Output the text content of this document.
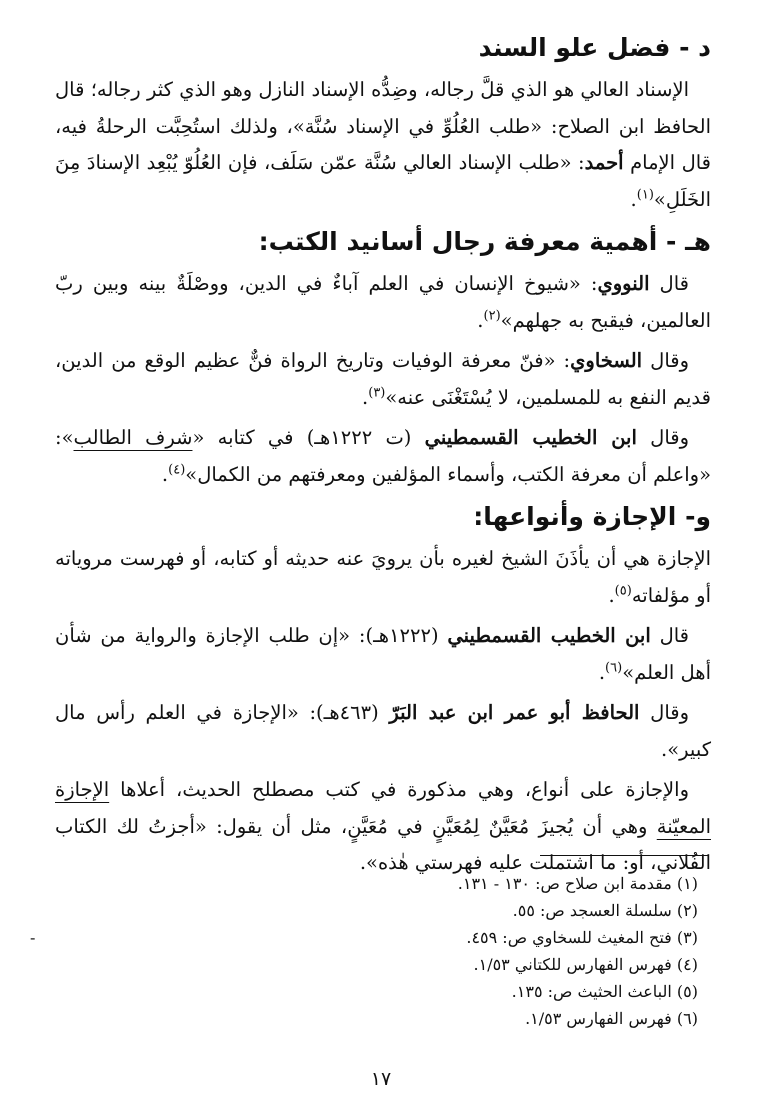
د - فضل علو السند

الإسناد العالي هو الذي قلَّ رجاله، وضِدُّه الإسناد النازل وهو الذي كثر رجاله؛ قال الحافظ ابن الصلاح: «طلب العُلُوِّ في الإسناد سُنَّة»، ولذلك استُحِبَّت الرحلةُ فيه، قال الإمام أحمد: «طلب الإسناد العالي سُنَّة عمّن سَلَف، فإن العُلُوّ يُبْعِد الإسنادَ مِنَ الخَلَلِ»$^{(١)}$.

هـ - أهمية معرفة رجال أسانيد الكتب:

قال النووي: «شيوخ الإنسان في العلم آباءٌ في الدين، ووصْلَةٌ بينه وبين ربّ العالمين، فيقبح به جهلهم»$^{(٢)}$.

وقال السخاوي: «فنّ معرفة الوفيات وتاريخ الرواة فنٌّ عظيم الوقع من الدين، قديم النفع به للمسلمين، لا يُسْتَغْنَى عنه»$^{(٣)}$.

وقال ابن الخطيب القسمطيني (ت ١٢٢٢هـ) في كتابه «شرف الطالب»: «واعلم أن معرفة الكتب، وأسماء المؤلفين ومعرفتهم من الكمال»$^{(٤)}$.

و- الإجازة وأنواعها:

الإجازة هي أن يأذَنَ الشيخ لغيره بأن يرويَ عنه حديثه أو كتابه، أو فهرست مروياته أو مؤلفاته$^{(٥)}$.

قال ابن الخطيب القسمطيني (١٢٢٢هـ): «إن طلب الإجازة والرواية من شأن أهل العلم»$^{(٦)}$.

وقال الحافظ أبو عمر ابن عبد البَرّ (٤٦٣هـ): «الإجازة في العلم رأس مال كبير».

والإجازة على أنواع، وهي مذكورة في كتب مصطلح الحديث، أعلاها الإجازة المعيّنة وهي أن يُجيزَ مُعَيَّنٌ لِمُعَيَّنٍ في مُعَيَّنٍ، مثل أن يقول: «أجزتُ لك الكتاب الفُلاني، أو: ما اشتملت عليه فهرستي هٰذه».

(١) مقدمة ابن صلاح ص: ١٣٠ - ١٣١.
(٢) سلسلة العسجد ص: ٥٥.
(٣) فتح المغيث للسخاوي ص: ٤٥٩.
(٤) فهرس الفهارس للكتاني ١/٥٣.
(٥) الباعث الحثيث ص: ١٣٥.
(٦) فهرس الفهارس ١/٥٣.
-
١٧
